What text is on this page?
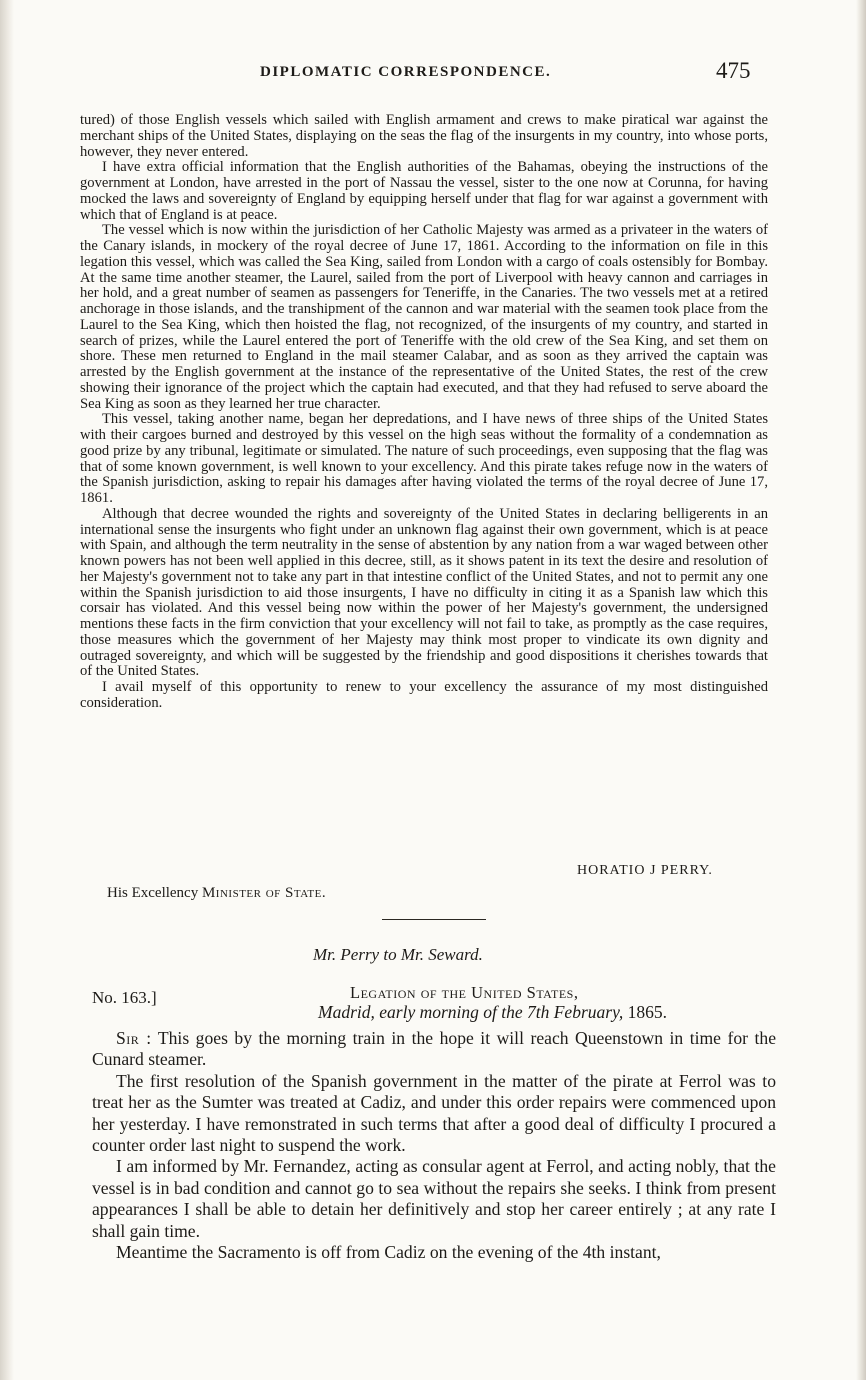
DIPLOMATIC CORRESPONDENCE.	475

tured) of those English vessels which sailed with English armament and crews to make piratical war against the merchant ships of the United States, displaying on the seas the flag of the insurgents in my country, into whose ports, however, they never entered.

I have extra official information that the English authorities of the Bahamas, obeying the instructions of the government at London, have arrested in the port of Nassau the vessel, sister to the one now at Corunna, for having mocked the laws and sovereignty of England by equipping herself under that flag for war against a government with which that of England is at peace.

The vessel which is now within the jurisdiction of her Catholic Majesty was armed as a privateer in the waters of the Canary islands, in mockery of the royal decree of June 17, 1861. According to the information on file in this legation this vessel, which was called the Sea King, sailed from London with a cargo of coals ostensibly for Bombay. At the same time another steamer, the Laurel, sailed from the port of Liverpool with heavy cannon and carriages in her hold, and a great number of seamen as passengers for Teneriffe, in the Canaries. The two vessels met at a retired anchorage in those islands, and the transhipment of the cannon and war material with the seamen took place from the Laurel to the Sea King, which then hoisted the flag, not recognized, of the insurgents of my country, and started in search of prizes, while the Laurel entered the port of Teneriffe with the old crew of the Sea King, and set them on shore. These men returned to England in the mail steamer Calabar, and as soon as they arrived the captain was arrested by the English government at the instance of the representative of the United States, the rest of the crew showing their ignorance of the project which the captain had executed, and that they had refused to serve aboard the Sea King as soon as they learned her true character.

This vessel, taking another name, began her depredations, and I have news of three ships of the United States with their cargoes burned and destroyed by this vessel on the high seas without the formality of a condemnation as good prize by any tribunal, legitimate or simulated. The nature of such proceedings, even supposing that the flag was that of some known government, is well known to your excellency. And this pirate takes refuge now in the waters of the Spanish jurisdiction, asking to repair his damages after having violated the terms of the royal decree of June 17, 1861.

Although that decree wounded the rights and sovereignty of the United States in declaring belligerents in an international sense the insurgents who fight under an unknown flag against their own government, which is at peace with Spain, and although the term neutrality in the sense of abstention by any nation from a war waged between other known powers has not been well applied in this decree, still, as it shows patent in its text the desire and resolution of her Majesty's government not to take any part in that intestine conflict of the United States, and not to permit any one within the Spanish jurisdiction to aid those insurgents, I have no difficulty in citing it as a Spanish law which this corsair has violated. And this vessel being now within the power of her Majesty's government, the undersigned mentions these facts in the firm conviction that your excellency will not fail to take, as promptly as the case requires, those measures which the government of her Majesty may think most proper to vindicate its own dignity and outraged sovereignty, and which will be suggested by the friendship and good dispositions it cherishes towards that of the United States.

I avail myself of this opportunity to renew to your excellency the assurance of my most distinguished consideration.

HORATIO J PERRY.
His Excellency Minister of State.
Mr. Perry to Mr. Seward.
No. 163.]	Legation of the United States,
Madrid, early morning of the 7th February, 1865.

Sir : This goes by the morning train in the hope it will reach Queenstown in time for the Cunard steamer.

The first resolution of the Spanish government in the matter of the pirate at Ferrol was to treat her as the Sumter was treated at Cadiz, and under this order repairs were commenced upon her yesterday. I have remonstrated in such terms that after a good deal of difficulty I procured a counter order last night to suspend the work.

I am informed by Mr. Fernandez, acting as consular agent at Ferrol, and acting nobly, that the vessel is in bad condition and cannot go to sea without the repairs she seeks. I think from present appearances I shall be able to detain her definitively and stop her career entirely ; at any rate I shall gain time.

Meantime the Sacramento is off from Cadiz on the evening of the 4th instant,
